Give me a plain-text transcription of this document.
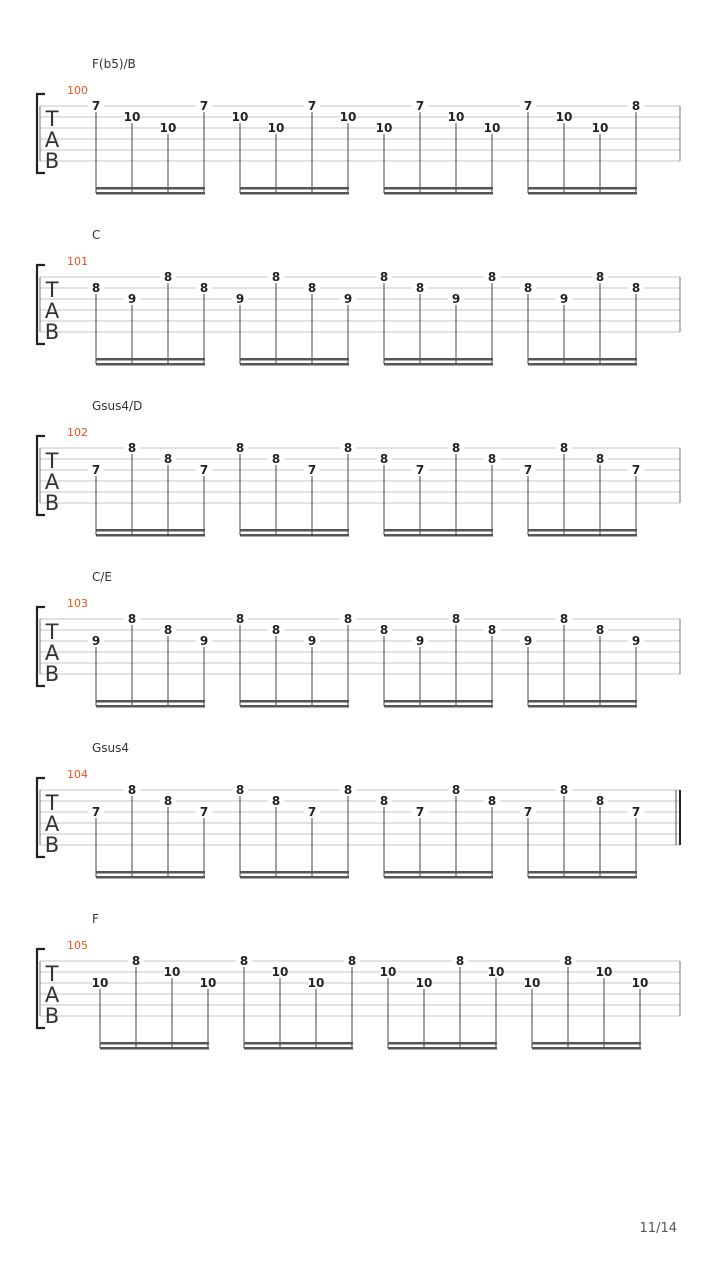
F(b5)/B
100
T
A
B
7
10
10
7
10
10
7
10
10
7
10
10
7
10
10
8
C
101
T
A
B
8
9
8
8
9
8
8
9
8
8
9
8
8
9
8
8
Gsus4/D
102
T
A
B
7
8
8
7
8
8
7
8
8
7
8
8
7
8
8
7
C/E
103
T
A
B
9
8
8
9
8
8
9
8
8
9
8
8
9
8
8
9
Gsus4
104
T
A
B
7
8
8
7
8
8
7
8
8
7
8
8
7
8
8
7
F
105
T
A
B
10
8
10
10
8
10
10
8
10
10
8
10
10
8
10
10
11/14
